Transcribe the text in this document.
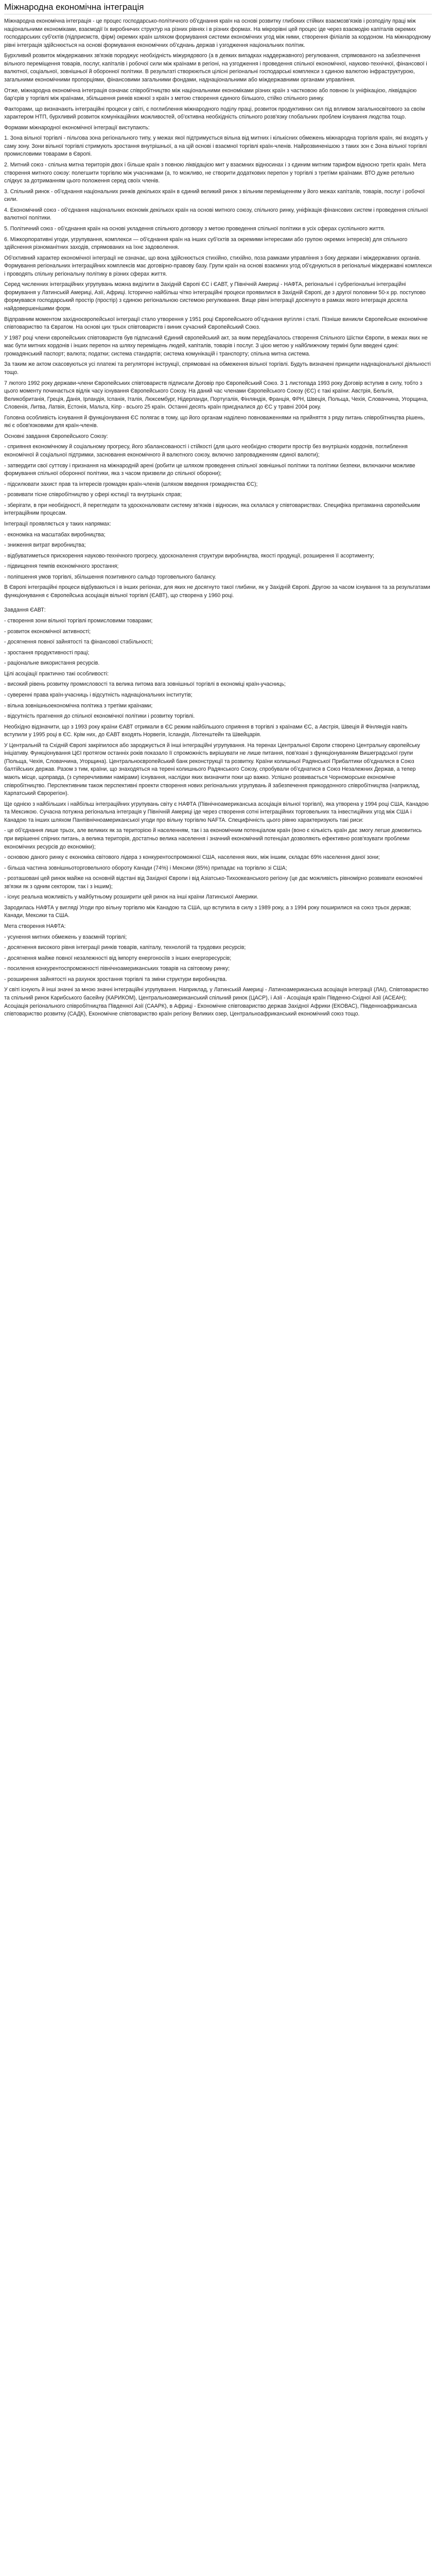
Міжнародна економічна інтеграція

Міжнародна економічна інтеграція - це процес господарсько-політичного об'єднання країн на основі розвитку глибоких стійких взаємозв'язків і розподілу праці між національними економіками, взаємодії їх виробничих структур на різних рівнях і в різних формах. На мікрорівні цей процес іде через взаємодію капіталів окремих господарських суб'єктів (підприємств, фірм) окремих країн шляхом формування системи економічних угод між ними, створення філіалів за кордоном. На міжнародному рівні інтеграція здійснюється на основі формування економічних об'єднань держав і узгодження національних політик.

Бурхливий розвиток міждержавних зв'язків породжує необхідність міжурядового (а в деяких випадках наддержавного) регулювання, спрямованого на забезпечення вільного переміщення товарів, послуг, капіталів і робочої сили між країнами в регіоні, на узгодження і проведення спільної економічної, науково-технічної, фінансової і валютної, соціальної, зовнішньої й оборонної політики. В результаті створюються цілісні регіональні господарські комплекси з єдиною валютою інфраструктурою, загальними економічними пропорціями, фінансовими загальними фондами, наднаціональними або міждержавними органами управління.

Отже, міжнародна економічна інтеграція означає співробітництво між національними економіками різних країн з частковою або повною їх уніфікацією, ліквідацією бар'єрів у торгівлі між країнами, збільшення ринків кожної з країн з метою створення єдиного більшого, стійко спільного ринку.

Факторами, що визначають інтеграційні процеси у світі, є поглиблення міжнародного поділу праці, розвиток продуктивних сил під впливом загальносвітового за своїм характером НТП, бурхливий розвиток комунікаційних можливостей, об'єктивна необхідність спільного розв'язку глобальних проблем існування людства тощо.

Формами міжнародної економічної інтеграції виступають:

1. Зона вільної торгівлі - пільгова зона регіонального типу, у межах якої підтримується вільна від митних і кількісних обмежень міжнародна торгівля країн, які входять у саму зону. Зони вільної торгівлі стримують зростання внутрішньої, а на цій основі і взаємної торгівлі країн-членів. Найрозвиненішою з таких зон є Зона вільної торгівлі промисловими товарами в Європі.

2. Митний союз - спільна митна територія двох і більше країн з повною ліквідацією мит у взаємних відносинах і з єдиним митним тарифом відносно третіх країн. Мета створення митного союзу: полегшити торгівлю між учасниками (а, то можливо, не створити додаткових перепон у торгівлі з третіми країнами. ВТО дуже ретельно слідкує за дотриманням цього положення серед своїх членів.

3. Спільний ринок - об'єднання національних ринків декількох країн в єдиний великий ринок з вільним переміщенням у його межах капіталів, товарів, послуг і робочої сили.

4. Економічний союз - об'єднання національних економік декількох країн на основі митного союзу, спільного ринку, уніфікація фінансових систем і проведення спільної валютної політики.

5. Політичний союз - об'єднання країн на основі укладення спільного договору з метою проведення спільної політики в усіх сферах суспільного життя.

6. Міжкорпоративні угоди, угрупування, комплекси — об'єднання країн на інших суб'єктів за окремими інтересами або групою окремих інтересів) для спільного здійснення різноманітних заходів, спрямованих на їхнє задоволення.

Об'єктивний характер економічної інтеграції не означає, що вона здійснюється стихійно, стихійно, поза рамками управління з боку держави і міждержавних органів. Формування регіональних інтеграційних комплексів має договірно-правову базу. Групи країн на основі взаємних угод об'єднуються в регіональні міждержавні комплекси і проводять спільну регіональну політику в різних сферах життя.

Серед численних інтеграційних угрупувань можна виділити в Західній Європі ЄС і ЄАВТ, у Північній Америці - НАФТА, регіональні і субрегіональні інтеграційні формування у Латинській Америці, Азії, Африці. Історично найбільш чітко інтеграційні процеси проявилися в Західній Європі, де з другої половини 50-х рр. поступово формувався господарський простір (простір) з єдиною регіональною системою регулювання. Вище рівні інтеграції досягнуто в рамках якого інтеграція досягла найдовершенішими форм.

Відправним моментом західноєвропейської інтеграції стало утворення у 1951 році Європейського об'єднання вугілля і сталі. Пізніше виникли Європейське економічне співтовариство та Євратом. На основі цих трьох співтовариств і виник сучасний Європейський Союз.

У 1987 році члени європейських співтовариств був підписаний Єдиний європейський акт, за яким передбачалось створення Спільного Шістки Європи, в межах яких не має бути митних кордонів і інших перепон на шляху переміщень людей, капіталів, товарів і послуг. З цією метою у найближчому терміні були введені єдині: громадянський паспорт; валюта; податки; система стандартів; система комунікацій і транспорту; спільна митна система.

За таким же актом скасовуються усі платежі та регуляторні інструкції, спрямовані на обмеження вільної торгівлі. Будуть визначені принципи наднаціональної діяльності тощо.

7 лютого 1992 року держави-члени Європейських співтовариств підписали Договір про Європейський Союз. З 1 листопада 1993 року Договір вступив в силу, тобто з цього моменту починається відлік часу існування Європейського Союзу. На даний час членами Європейського Союзу (ЄС) є такі країни: Австрія, Бельгія, Великобританія, Греція, Данія, Ірландія, Іспанія, Італія, Люксембург, Нідерланди, Португалія, Фінляндія, Франція, ФРН, Швеція, Польща, Чехія, Словаччина, Угорщина, Словенія, Литва, Латвія, Естонія, Мальта, Кіпр - всього 25 країн. Останні десять країн приєдналися до ЄС у травні 2004 року.

Головна особливість існування й функціонування ЄС полягає в тому, що його органам наділено повноваженнями на прийняття з ряду питань співробітництва рішень, які є обов'язковими для країн-членів.

Основні завдання Європейського Союзу:

- сприяння економічному й соціальному прогресу, його збалансованості і стійкості (для цього необхідно створити простір без внутрішніх кордонів, поглиблення економічної й соціальної підтримки, засновання економічного й валютного союзу, включно запровадженням єдиної валюти);

- затвердити свої суттєву і признання на міжнародній арені (робити це шляхом проведення спільної зовнішньої політики та політики безпеки, включаючи можливе формування спільної оборонної політики, яка з часом призвели до спільної оборони);

- підсилювати захист прав та інтересів громадян країн-членів (шляхом введення громадянства ЄС);

- розвивати тісне співробітництво у сфері юстиції та внутрішніх справ;

- зберігати, в при необхідності, й перегледати та удосконалювати систему зв'язків і відносин, яка склалася у співтовариствах. Специфіка притаманна європейським інтеграційним процесам.

Інтеграції проявляється у таких напрямах:

- економіка на масштабах виробництва;

- зниження витрат виробництва;

- відбуватиметься прискорення науково-технічного прогресу, удосконалення структури виробництва, якості продукції, розширення її асортименту;

- підвищення темпів економічного зростання;

- поліпшення умов торгівлі, збільшення позитивного сальдо торговельного балансу.

В Європі інтеграційні процеси відбуваються і в інших регіонах, для яких не досягнуто такої глибини, як у Західній Європі. Другою за часом існування та за результатами функціонування є Європейська асоціація вільної торгівлі (ЄАВТ), що створена у 1960 році.

Завдання ЄАВТ:

- створення зони вільної торгівлі промисловими товарами;

- розвиток економічної активності;

- досягнення повної зайнятості та фінансової стабільності;

- зростання продуктивності праці;

- раціональне використання ресурсів.

Цілі асоціації практично такі особливості:

- високий рівень розвитку промисловості та велика питома вага зовнішньої торгівлі в економіці країн-учасниць;

- суверенні права країн-учасниць і відсутність наднаціональних інститутів;

- вільна зовнішньоекономічна політика з третіми країнами;

- відсутність прагнення до спільної економічної політики і розвитку торгівлі.

Необхідно відзначити, що з 1993 року країни ЄАВТ отримали в ЄС режим найбільшого сприяння в торгівлі з країнами ЄС, а Австрія, Швеція й Фінляндія навіть вступили у 1995 році в ЄС. Крім них, до ЄАВТ входять Норвегія, Ісландія, Ліхтенштейн та Швейцарія.

У Центральній та Східній Європі закріпилося або зароджується й інші інтеграційні угрупування. На теренах Центральної Європи створено Центральну європейську ініціативу. Функціонування ЦЄІ протягом останніх років показало її спроможність вирішувати не лише питання, пов'язані з функціонуванням Вишеградської групи (Польща, Чехія, Словаччина, Угорщина). Центральноєвропейський банк реконструкції та розвитку. Країни колишньої Радянської Прибалтики об'єдналися в Союз балтійських держав. Разом з тим, країни, що знаходяться на терені колишнього Радянського Союзу, спробували об'єднатися в Союз Незалежних Держав, а тепер мають місце, щоправда, (з суперечливими намірами) існування, наслідки яких визначити поки що важко. Успішно розвивається Чорноморське економічне співробітництво. Перспективним також перспективні проекти створення нових регіональних угрупувань й забезпечення прикордонного співробітництва (наприклад, Карпатський Єврорегіон).

Ще однією з найбільших і найбільш інтеграційних угрупувань світу є НАФТА (Північноамериканська асоціація вільної торгівлі), яка утворена у 1994 році США, Канадою та Мексикою. Сучасна потужна регіональна інтеграція у Північній Америці іде через створення сотні інтеграційних торговельних та інвестиційних угод між США і Канадою та інших шляхом Панпівнічноамериканської угоди про вільну торгівлю NAFTA. Специфічність цього рівню характеризують такі риси:

- це об'єднання лише трьох, але великих як за територією й населенням, так і за економічним потенціалом країн (воно є кількість країн дає змогу легше домовитись при вирішенні спірних питань, а велика територія, достатньо велика населення і значний економічний потенціал дозволяють ефективно розв'язувати проблеми економічних ресурсів до економіки);

- основою даного ринку є економіка світового лідера з конкурентоспроможної США, населення яких, між іншим, складає 69% населення даної зони;

- більша частина зовнішньоторговельного обороту Канади (74%) і Мексики (85%) припадає на торгівлю зі США;

- розташовані цей ринок майже на основній відстані від Західної Європи і від Азіатсько-Тихоокеанського регіону (це дає можливість рівномірно розвивати економічні зв'язки як з одним сектором, так і з іншим);

- існує реальна можливість у майбутньому розширити цей ринок на інші країни Латинської Америки.

Зародилась НАФТА у вигляді Угоди про вільну торгівлю між Канадою та США, що вступила в силу з 1989 року, а з 1994 року поширилися на союз трьох держав; Канади, Мексики та США.

Мета створення НАФТА:

- усунення митних обмежень у взаємній торгівлі;

- досягнення високого рівня інтеграції ринків товарів, капіталу, технологій та трудових ресурсів;

- досягнення майже повної незалежності від імпорту енергоносіїв з інших енергоресурсів;

- посилення конкурентоспроможності північноамериканських товарів на світовому ринку;

- розширення зайнятості на рахунок зростання торгівлі та зміни структури виробництва.

У світі існують й інші значні за мною значні інтеграційні угрупування. Наприклад, у Латинській Америці - Латиноамериканська асоціація інтеграції (ЛАІ), Співтовариство та спільний ринок Карибського басейну (КАРИКОМ), Центральноамериканський спільний ринок (ЦАСР), і Азії - Асоціація країн Південно-Східної Азії (АСЕАН); Асоціація регіонального співробітництва Південної Азії (СААРК), в Африці - Економічне співтовариство держав Західної Африки (ЕКОВАС), Південноафриканська співтовариство розвитку (САДК), Економічне співтовариство країн регіону Великих озер, Центральноафриканський економічний союз тощо.
